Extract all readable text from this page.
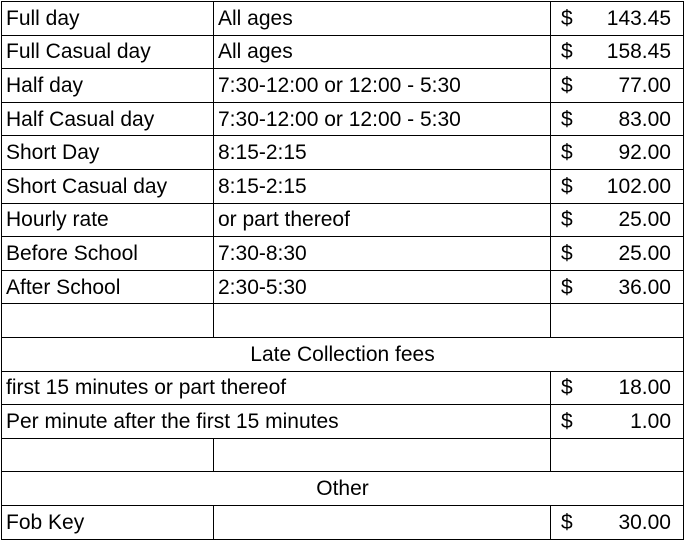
Full day	All ages	$ 143.45

Full Casual day	All ages	$ 158.45

Half day	7:30-12:00 or 12:00 - 5:30	$ 77.00

Half Casual day	7:30-12:00 or 12:00 - 5:30	$ 83.00

Short Day	8:15-2:15	$ 92.00

Short Casual day	8:15-2:15	$ 102.00

Hourly rate	or part thereof	$ 25.00

Before School	7:30-8:30	$ 25.00

After School	2:30-5:30	$ 36.00

Late Collection fees		
first 15 minutes or part thereof		$ 18.00

Per minute after the first 15 minutes		$ 1.00

Other		
Fob Key		$ 30.00
